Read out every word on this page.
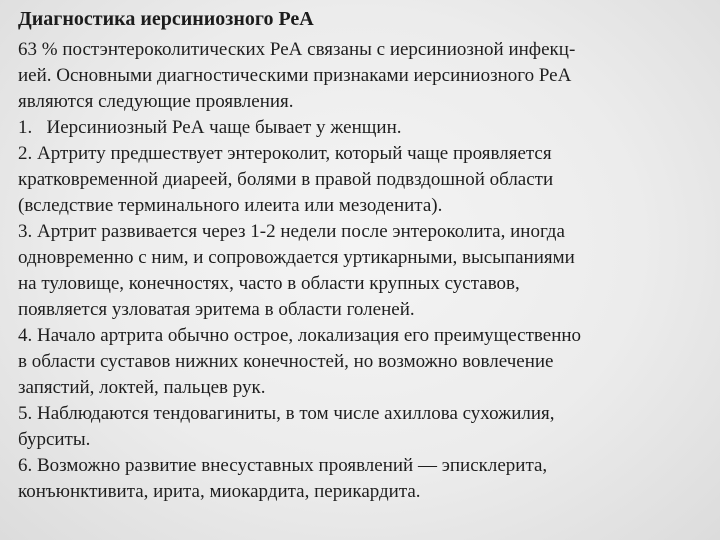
Диагностика иерсиниозного РеА
63 % постэнтероколитических РеА связаны с иерсиниозной инфекц-
ией. Основными диагностическими признаками иерсиниозного РеА
являются следующие проявления.
1.   Иерсиниозный РеА чаще бывает у женщин.
2. Артриту предшествует энтероколит, который чаще проявляется
кратковременной диареей, болями в правой подвздошной области
(вследствие терминального илеита или мезоденита).
3. Артрит развивается через 1-2 недели после энтероколита, иногда
одновременно с ним, и сопровождается уртикарными, высыпаниями
на туловище, конечностях, часто в области крупных суставов,
появляется узловатая эритема в области голеней.
4. Начало артрита обычно острое, локализация его преимущественно
в области суставов нижних конечностей, но возможно вовлечение
запястий, локтей, пальцев рук.
5. Наблюдаются тендовагиниты, в том числе ахиллова сухожилия,
бурситы.
6. Возможно развитие внесуставных проявлений — эписклерита,
конъюнктивита, ирита, миокардита, перикардита.
